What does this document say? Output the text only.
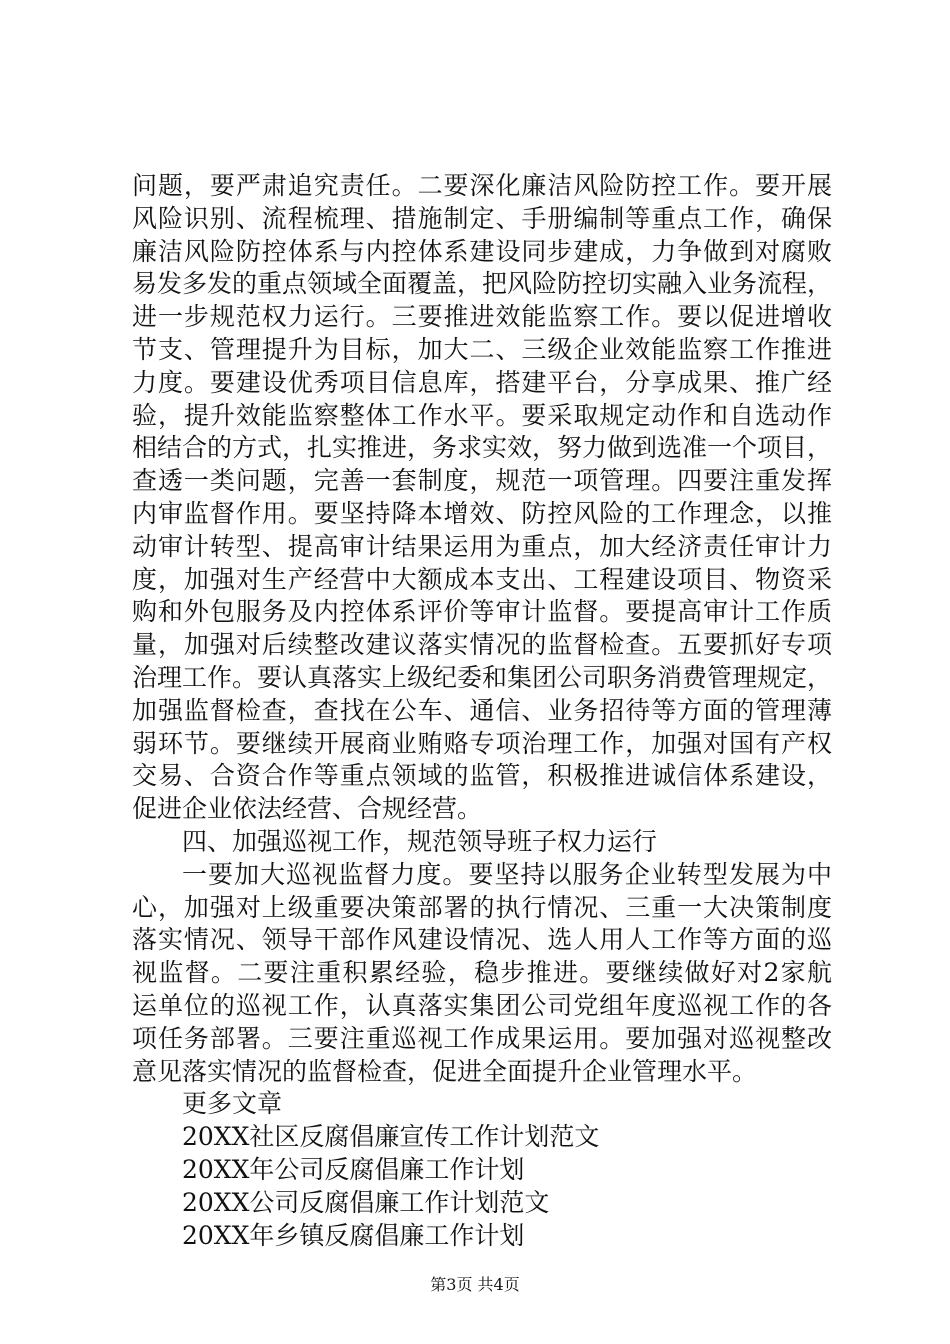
问题，要严肃追究责任。二要深化廉洁风险防控工作。要开展
风险识别、流程梳理、措施制定、手册编制等重点工作，确保
廉洁风险防控体系与内控体系建设同步建成，力争做到对腐败
易发多发的重点领域全面覆盖，把风险防控切实融入业务流程，
进一步规范权力运行。三要推进效能监察工作。要以促进增收
节支、管理提升为目标，加大二、三级企业效能监察工作推进
力度。要建设优秀项目信息库，搭建平台，分享成果、推广经
验，提升效能监察整体工作水平。要采取规定动作和自选动作
相结合的方式，扎实推进，务求实效，努力做到选准一个项目，
查透一类问题，完善一套制度，规范一项管理。四要注重发挥
内审监督作用。要坚持降本增效、防控风险的工作理念，以推
动审计转型、提高审计结果运用为重点，加大经济责任审计力
度，加强对生产经营中大额成本支出、工程建设项目、物资采
购和外包服务及内控体系评价等审计监督。要提高审计工作质
量，加强对后续整改建议落实情况的监督检查。五要抓好专项
治理工作。要认真落实上级纪委和集团公司职务消费管理规定，
加强监督检查，查找在公车、通信、业务招待等方面的管理薄
弱环节。要继续开展商业贿赂专项治理工作，加强对国有产权
交易、合资合作等重点领域的监管，积极推进诚信体系建设，
促进企业依法经营、合规经营。
四、加强巡视工作，规范领导班子权力运行
一要加大巡视监督力度。要坚持以服务企业转型发展为中
心，加强对上级重要决策部署的执行情况、三重一大决策制度
落实情况、领导干部作风建设情况、选人用人工作等方面的巡
视监督。二要注重积累经验，稳步推进。要继续做好对2家航
运单位的巡视工作，认真落实集团公司党组年度巡视工作的各
项任务部署。三要注重巡视工作成果运用。要加强对巡视整改
意见落实情况的监督检查，促进全面提升企业管理水平。
更多文章
20XX社区反腐倡廉宣传工作计划范文
20XX年公司反腐倡廉工作计划
20XX公司反腐倡廉工作计划范文
20XX年乡镇反腐倡廉工作计划
第3页 共4页
